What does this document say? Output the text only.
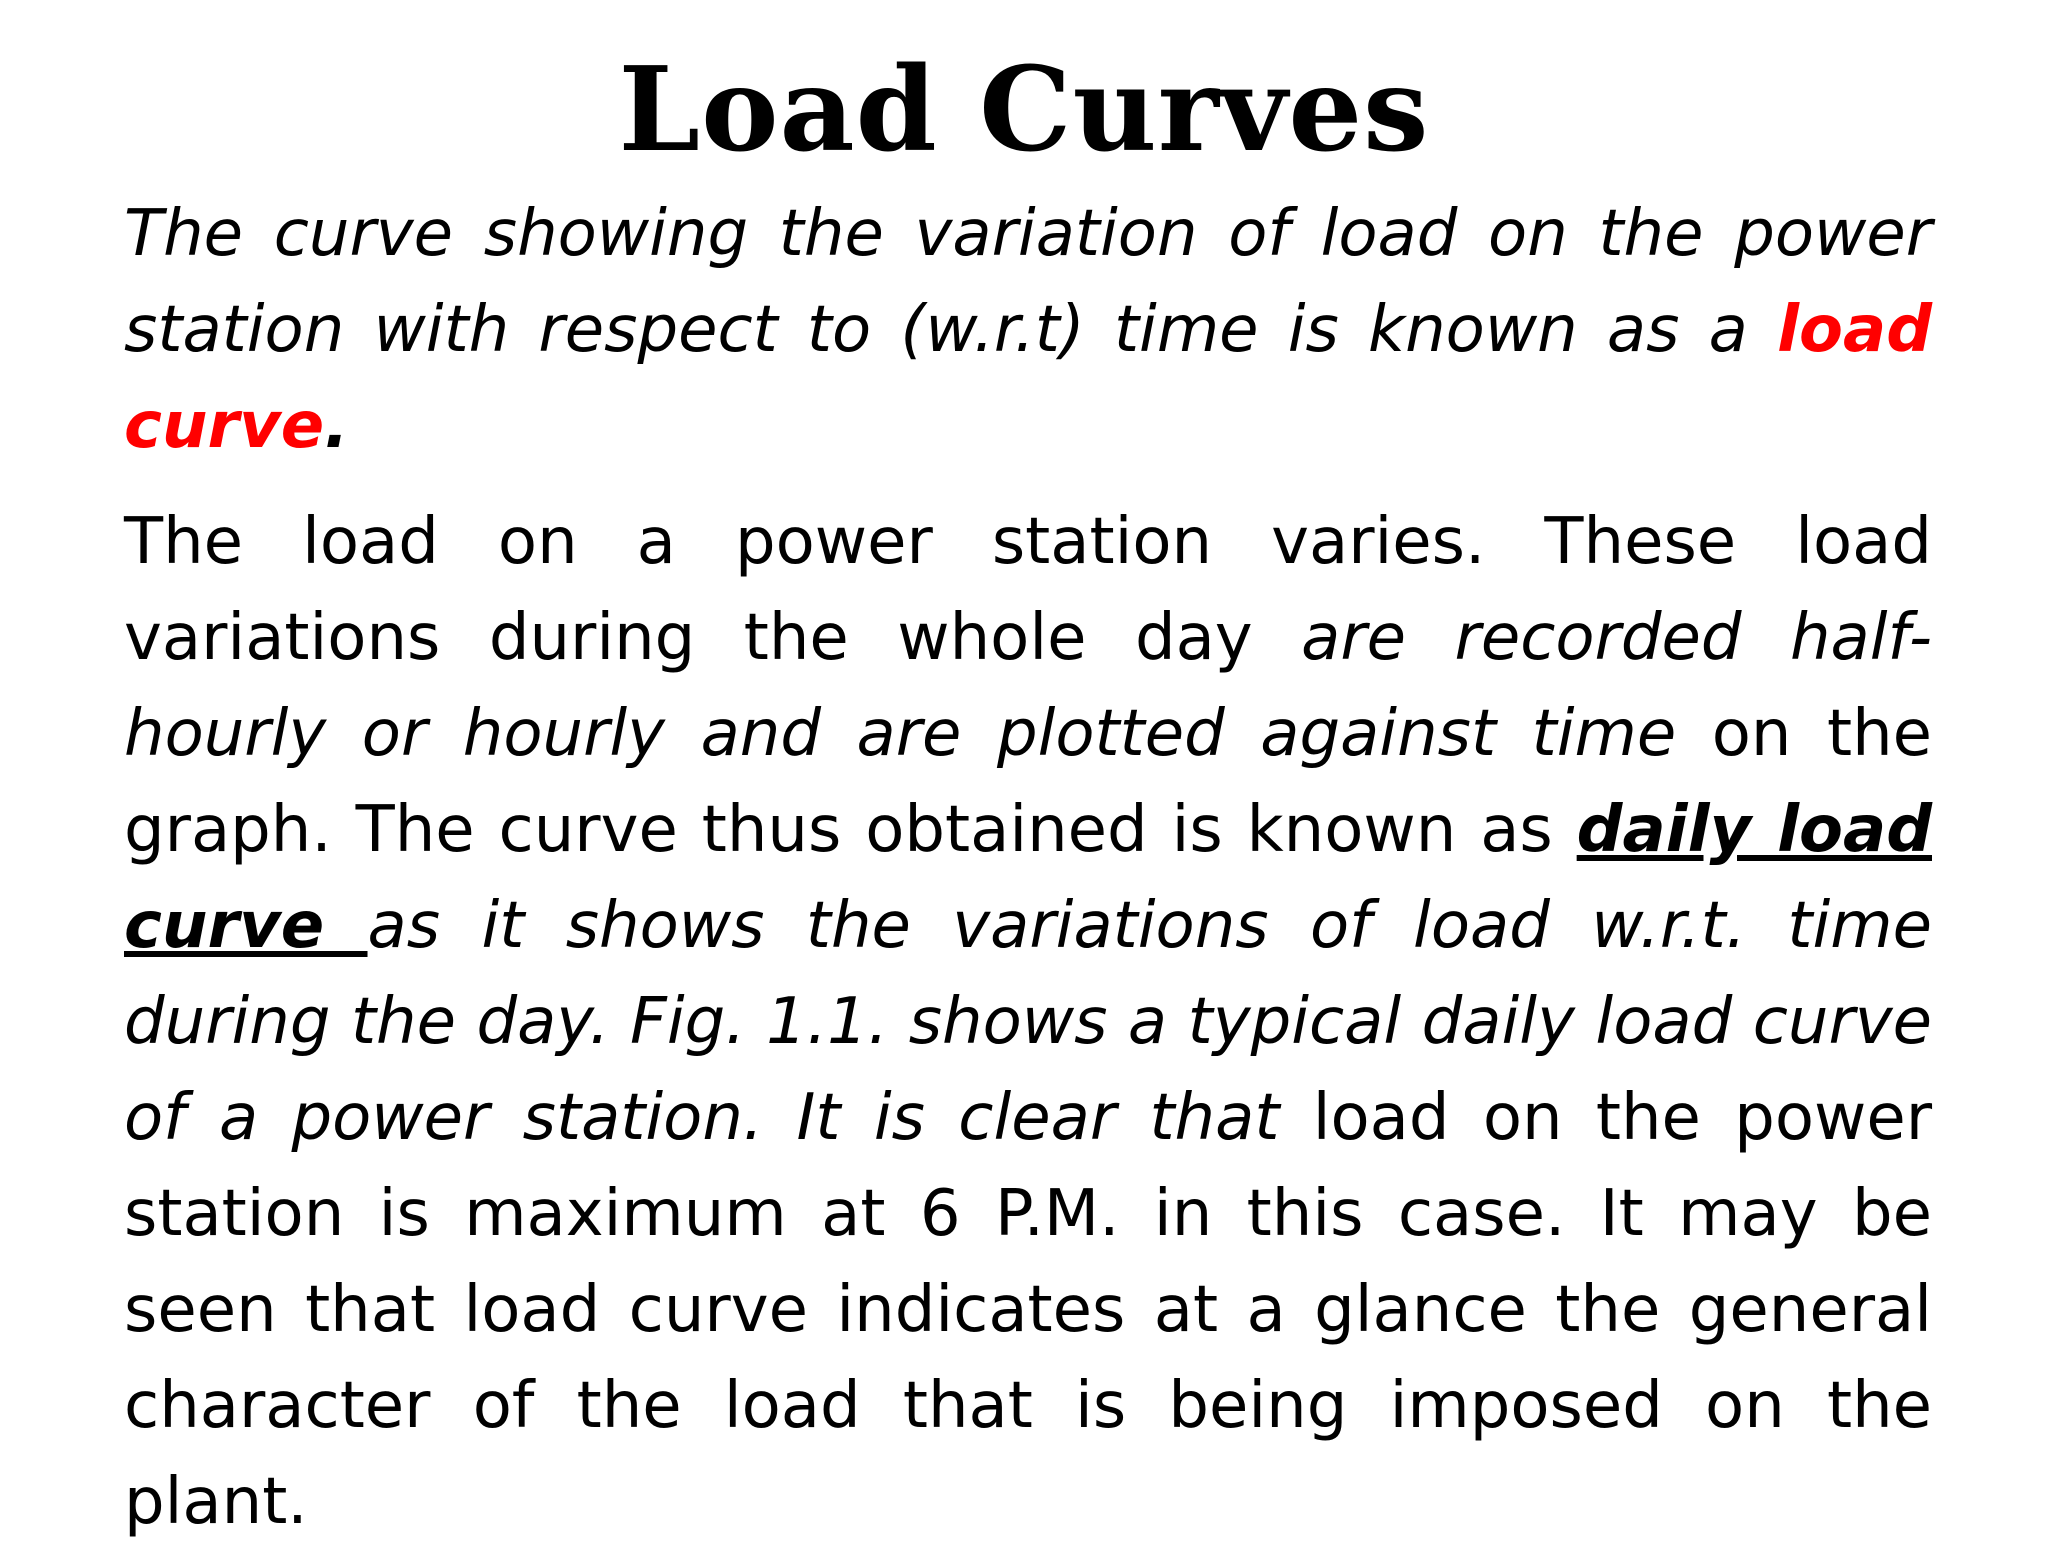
Load Curves

The curve showing the variation of load on the power station with respect to (w.r.t) time is known as a load curve.

The load on a power station varies. These load variations during the whole day are recorded half-hourly or hourly and are plotted against time on the graph. The curve thus obtained is known as daily load curve as it shows the variations of load w.r.t. time during the day. Fig. 1.1. shows a typical daily load curve of a power station. It is clear that load on the power station is maximum at 6 P.M. in this case. It may be seen that load curve indicates at a glance the general character of the load that is being imposed on the plant.
